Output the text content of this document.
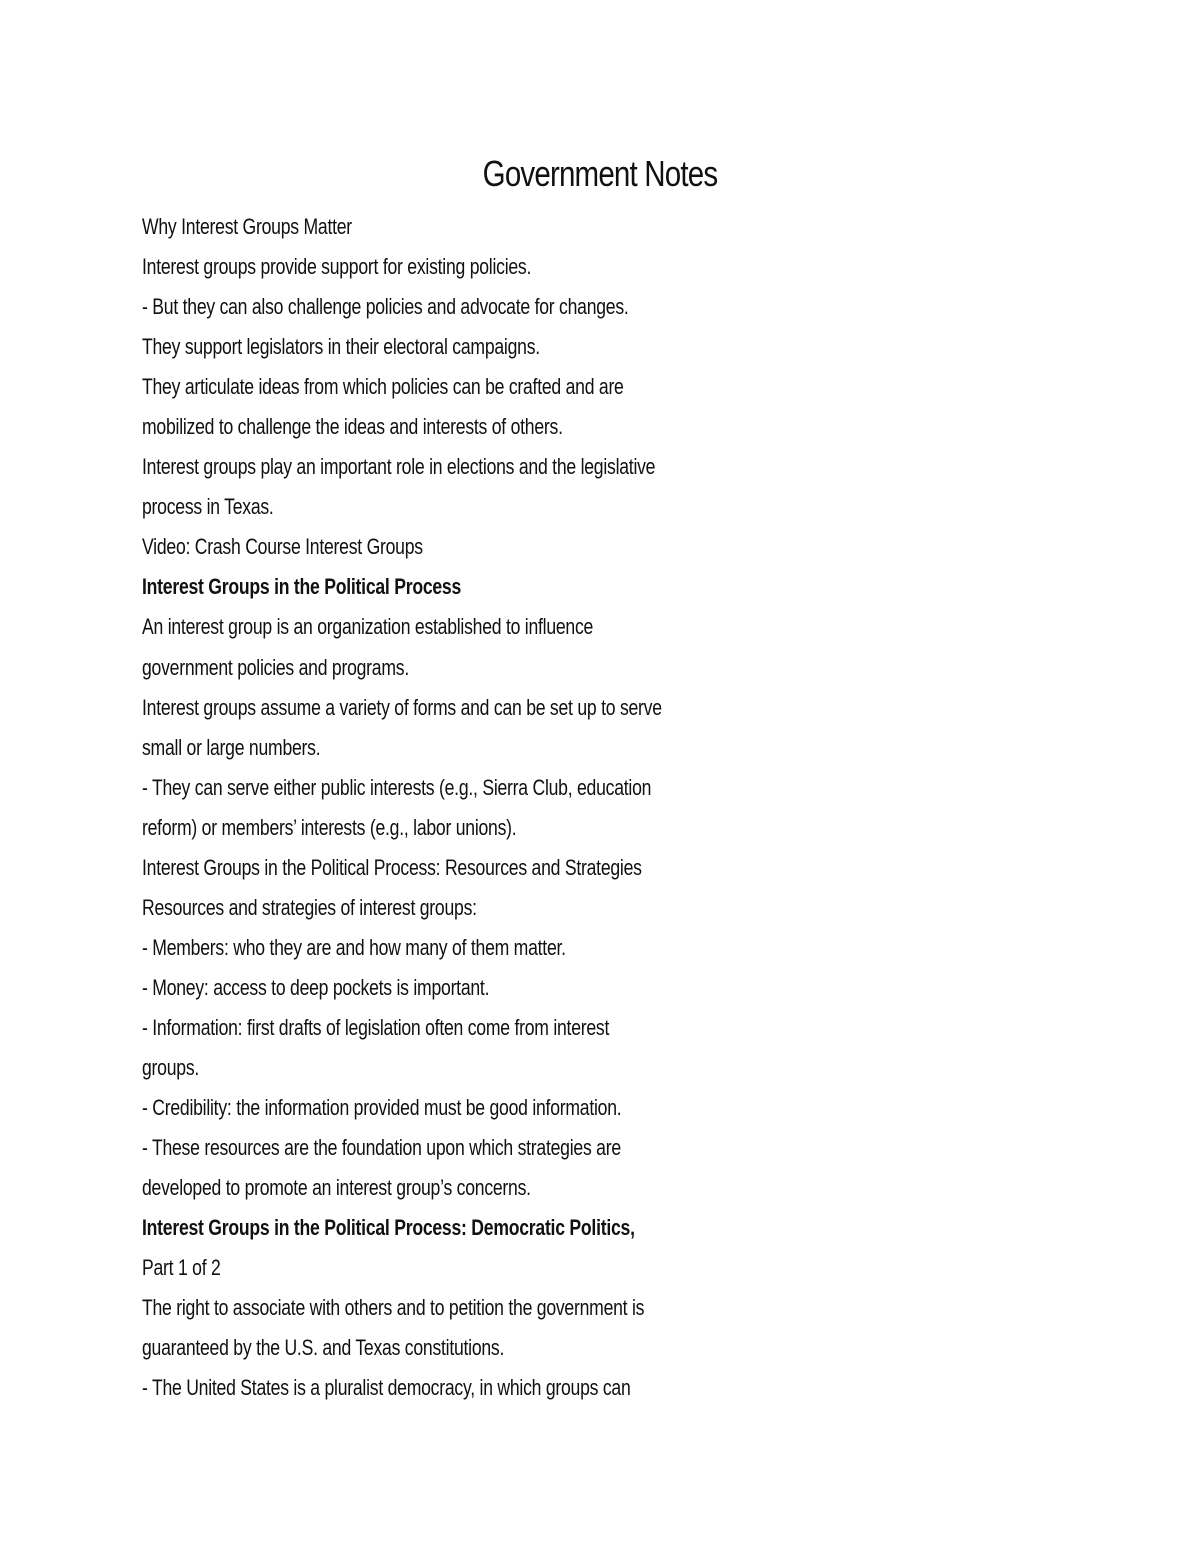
Government Notes
Why Interest Groups Matter
Interest groups provide support for existing policies.
- But they can also challenge policies and advocate for changes.
They support legislators in their electoral campaigns.
They articulate ideas from which policies can be crafted and are
mobilized to challenge the ideas and interests of others.
Interest groups play an important role in elections and the legislative
process in Texas.
Video: Crash Course Interest Groups
Interest Groups in the Political Process
An interest group is an organization established to influence
government policies and programs.
Interest groups assume a variety of forms and can be set up to serve
small or large numbers.
- They can serve either public interests (e.g., Sierra Club, education
reform) or members’ interests (e.g., labor unions).
Interest Groups in the Political Process: Resources and Strategies
Resources and strategies of interest groups:
- Members: who they are and how many of them matter.
- Money: access to deep pockets is important.
- Information: first drafts of legislation often come from interest
groups.
- Credibility: the information provided must be good information.
- These resources are the foundation upon which strategies are
developed to promote an interest group’s concerns.
Interest Groups in the Political Process: Democratic Politics,
Part 1 of 2
The right to associate with others and to petition the government is
guaranteed by the U.S. and Texas constitutions.
- The United States is a pluralist democracy, in which groups can
